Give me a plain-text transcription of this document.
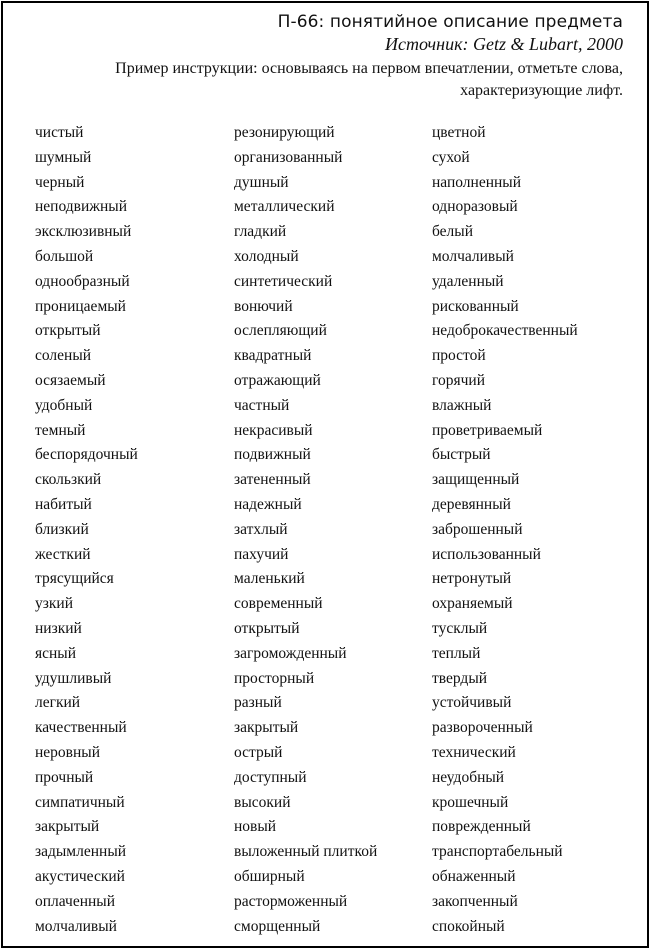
П-66: понятийное описание предмета
Источник: Getz & Lubart, 2000
Пример инструкции: основываясь на первом впечатлении, отметьте слова, характеризующие лифт.
чистый
шумный
черный
неподвижный
эксклюзивный
большой
однообразный
проницаемый
открытый
соленый
осязаемый
удобный
темный
беспорядочный
скользкий
набитый
близкий
жесткий
трясущийся
узкий
низкий
ясный
удушливый
легкий
качественный
неровный
прочный
симпатичный
закрытый
задымленный
акустический
оплаченный
молчаливый
резонирующий
организованный
душный
металлический
гладкий
холодный
синтетический
вонючий
ослепляющий
квадратный
отражающий
частный
некрасивый
подвижный
затененный
надежный
затхлый
пахучий
маленький
современный
открытый
загроможденный
просторный
разный
закрытый
острый
доступный
высокий
новый
выложенный плиткой
обширный
расторможенный
сморщенный
цветной
сухой
наполненный
одноразовый
белый
молчаливый
удаленный
рискованный
недоброкачественный
простой
горячий
влажный
проветриваемый
быстрый
защищенный
деревянный
заброшенный
использованный
нетронутый
охраняемый
тусклый
теплый
твердый
устойчивый
развороченный
технический
неудобный
крошечный
поврежденный
транспортабельный
обнаженный
закопченный
спокойный
